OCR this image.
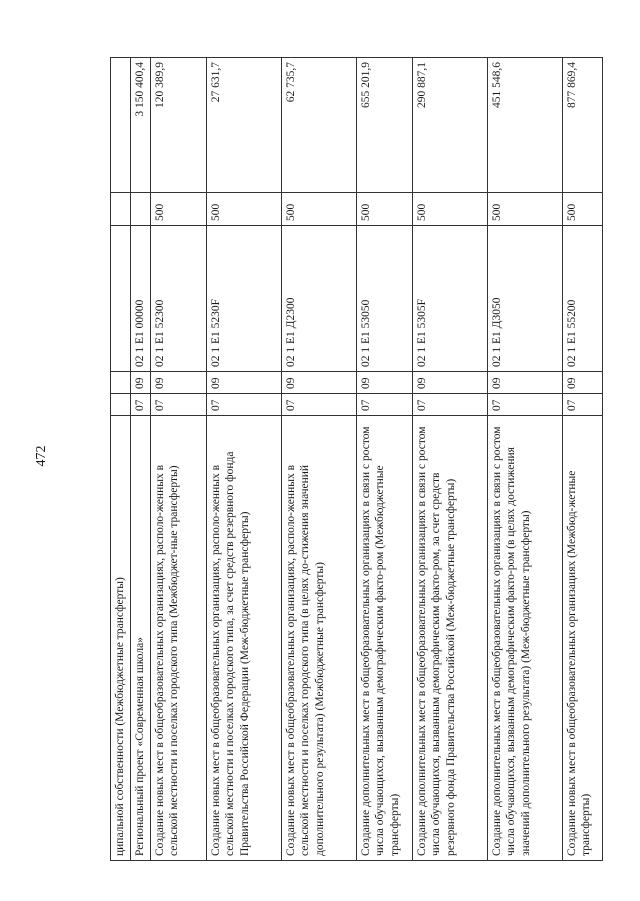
472
ципальной собственности (Межбюджетные трансферты)					
Региональный проект «Современная школа»	07	09	02 1 E1 00000		3 150 400,4
Создание новых мест в общеобразовательных организациях, располо-женных в сельской местности и поселках городского типа (Межбюджет-ные трансферты)	07	09	02 1 E1 52300	500	120 389,9
Создание новых мест в общеобразовательных организациях, располо-женных в сельской местности и поселках городского типа, за счет средств резервного фонда Правительства Российской Федерации (Меж-бюджетные трансферты)	07	09	02 1 E1 5230F	500	27 631,7
Создание новых мест в общеобразовательных организациях, располо-женных в сельской местности и поселках городского типа (в целях до-стижения значений дополнительного результата) (Межбюджетные трансферты)	07	09	02 1 E1 Д2300	500	62 735,7
Создание дополнительных мест в общеобразовательных организациях в связи с ростом числа обучающихся, вызванным демографическим факто-ром (Межбюджетные трансферты)	07	09	02 1 E1 53050	500	655 201,9
Создание дополнительных мест в общеобразовательных организациях в связи с ростом числа обучающихся, вызванным демографическим факто-ром, за счет средств резервного фонда Правительства Российской (Меж-бюджетные трансферты)	07	09	02 1 E1 5305F	500	290 887,1
Создание дополнительных мест в общеобразовательных организациях в связи с ростом числа обучающихся, вызванным демографическим факто-ром (в целях достижения значений дополнительного результата) (Меж-бюджетные трансферты)	07	09	02 1 E1 Д3050	500	451 548,6
Создание новых мест в общеобразовательных организациях (Межбюд-жетные трансферты)	07	09	02 1 E1 55200	500	877 869,4
